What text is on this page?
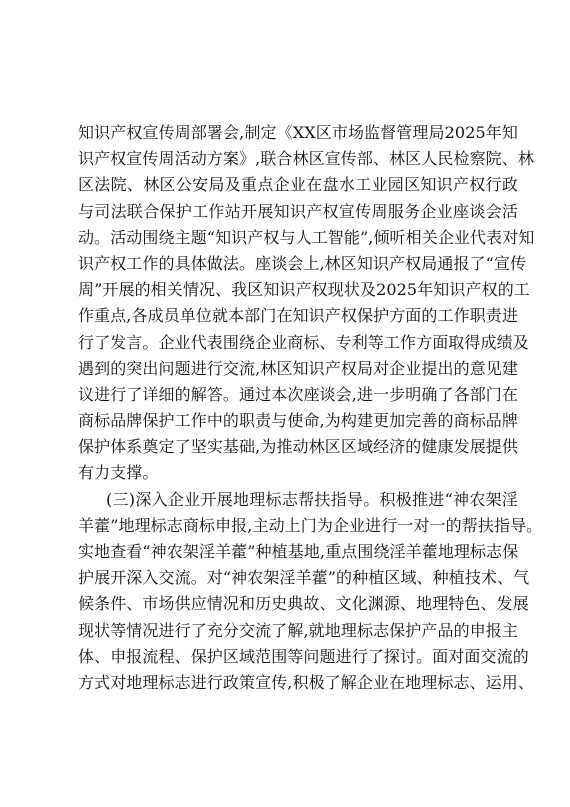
知识产权宣传周部署会,制定《XX区市场监督管理局2025年知
识产权宣传周活动方案》,联合林区宣传部、林区人民检察院、林
区法院、林区公安局及重点企业在盘水工业园区知识产权行政
与司法联合保护工作站开展知识产权宣传周服务企业座谈会活
动。活动围绕主题“知识产权与人工智能”,倾听相关企业代表对知
识产权工作的具体做法。座谈会上,林区知识产权局通报了“宣传
周”开展的相关情况、我区知识产权现状及2025年知识产权的工
作重点,各成员单位就本部门在知识产权保护方面的工作职责进
行了发言。企业代表围绕企业商标、专利等工作方面取得成绩及
遇到的突出问题进行交流,林区知识产权局对企业提出的意见建
议进行了详细的解答。通过本次座谈会,进一步明确了各部门在
商标品牌保护工作中的职责与使命,为构建更加完善的商标品牌
保护体系奠定了坚实基础,为推动林区区域经济的健康发展提供
有力支撑。
(三)深入企业开展地理标志帮扶指导。积极推进“神农架淫
羊藿”地理标志商标申报,主动上门为企业进行一对一的帮扶指导。
实地查看“神农架淫羊藿”种植基地,重点围绕淫羊藿地理标志保
护展开深入交流。对“神农架淫羊藿”的种植区域、种植技术、气
候条件、市场供应情况和历史典故、文化渊源、地理特色、发展
现状等情况进行了充分交流了解,就地理标志保护产品的申报主
体、申报流程、保护区域范围等问题进行了探讨。面对面交流的
方式对地理标志进行政策宣传,积极了解企业在地理标志、运用、
